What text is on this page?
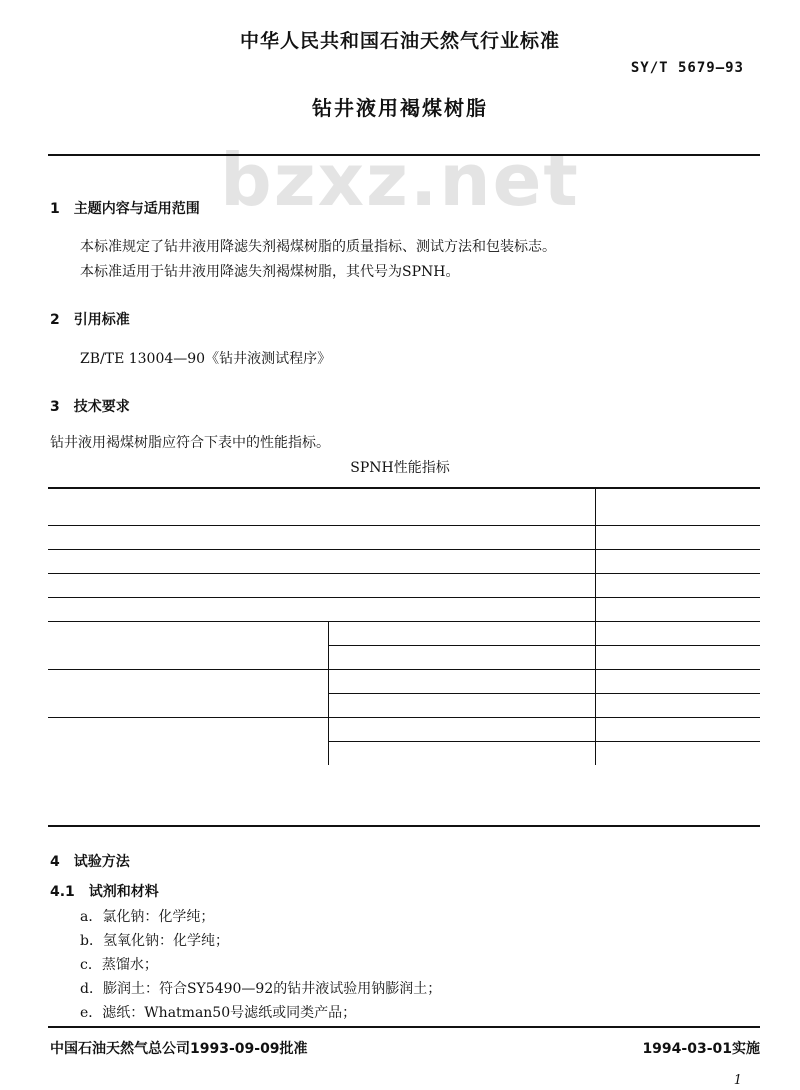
bzxz.net
中华人民共和国石油天然气行业标准
SY/T 5679—93
钻井液用褐煤树脂
1　主题内容与适用范围
本标准规定了钻井液用降滤失剂褐煤树脂的质量指标、测试方法和包装标志。
本标准适用于钻井液用降滤失剂褐煤树脂，其代号为SPNH。
2　引用标准
ZB/TE 13004—90《钻井液测试程序》
3　技术要求
钻井液用褐煤树脂应符合下表中的性能指标。
SPNH性能指标

4　试验方法
4.1　试剂和材料
a．氯化钠：化学纯；
b．氢氧化钠：化学纯；
c．蒸馏水；
d．膨润土：符合SY5490—92的钻井液试验用钠膨润土；
e．滤纸：Whatman50号滤纸或同类产品；
中国石油天然气总公司1993-09-09批准	1994-03-01实施
1
